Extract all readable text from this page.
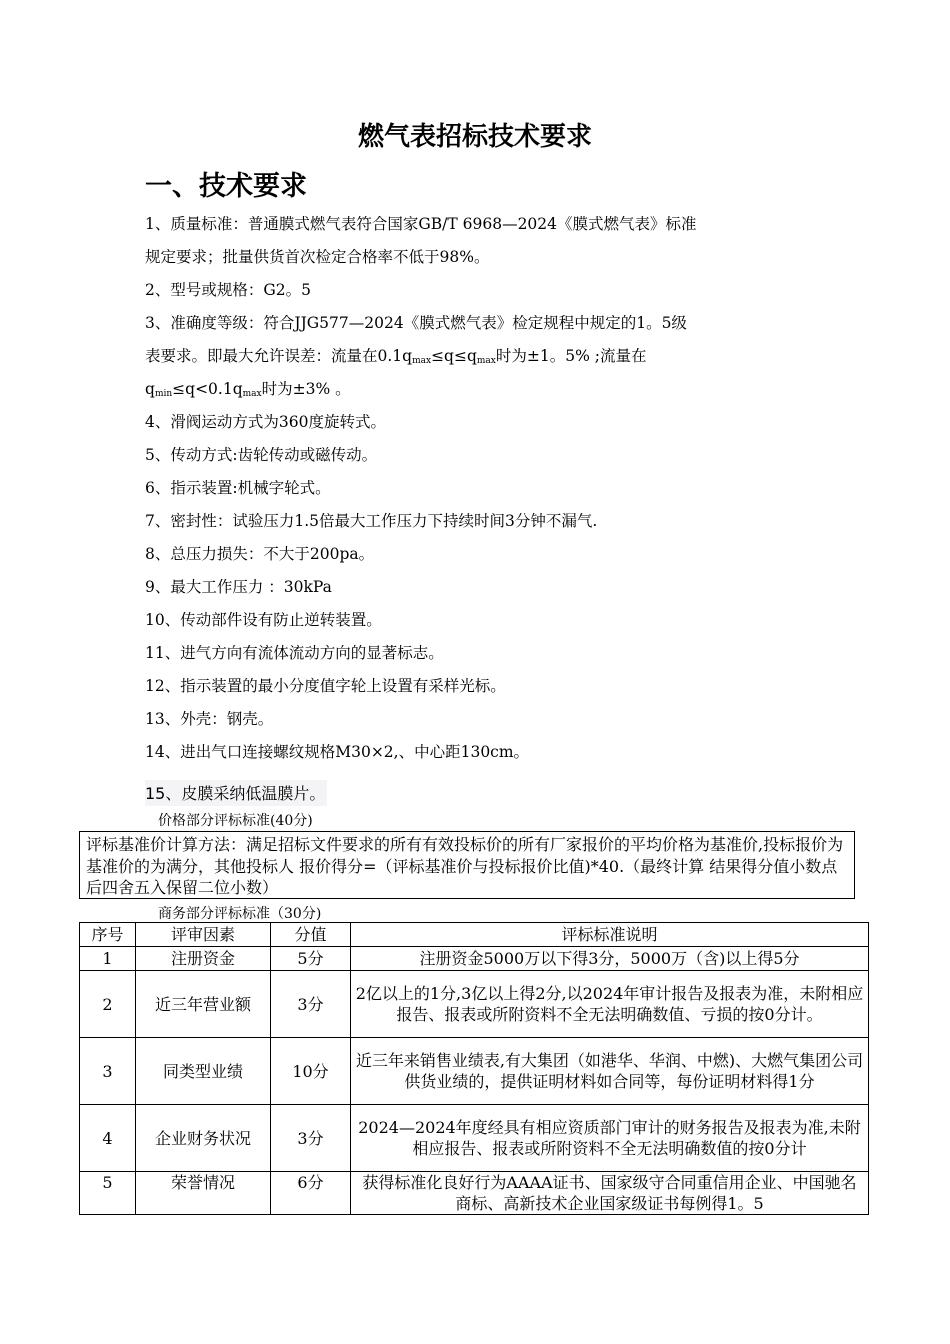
燃气表招标技术要求
一、技术要求
1、质量标准：普通膜式燃气表符合国家GB/T 6968—2024《膜式燃气表》标准
规定要求；批量供货首次检定合格率不低于98%。
2、型号或规格：G2。5
3、准确度等级：符合JJG577—2024《膜式燃气表》检定规程中规定的1。5级
表要求。即最大允许误差：流量在$0.1q_{max}\le q\le q_{max}$时为±1。5% ;流量在
$q_{min}\le q<0.1q_{max}$时为±3% 。
4、滑阀运动方式为360度旋转式。
5、传动方式:齿轮传动或磁传动。
6、指示装置:机械字轮式。
7、密封性：试验压力1.5倍最大工作压力下持续时间3分钟不漏气.
8、总压力损失：不大于200pa。
9、最大工作压力 ：30kPa
10、传动部件设有防止逆转装置。
11、进气方向有流体流动方向的显著标志。
12、指示装置的最小分度值字轮上设置有采样光标。
13、外壳：钢壳。
14、进出气口连接螺纹规格M30×2,、中心距130cm。
15、皮膜采纳低温膜片。
价格部分评标标准(40分)
评标基准价计算方法：满足招标文件要求的所有有效投标价的所有厂家报价的平均价格为基准价,投标报价为基准价的为满分，其他投标人 报价得分=（评标基准价与投标报价比值)*40.（最终计算 结果得分值小数点后四舍五入保留二位小数）
商务部分评标标准（30分)
序号	评审因素	分值	评标标准说明
1	注册资金	5分	注册资金5000万以下得3分，5000万（含)以上得5分
2	近三年营业额	3分	2亿以上的1分,3亿以上得2分,以2024年审计报告及报表为准，未附相应报告、报表或所附资料不全无法明确数值、亏损的按0分计。
3	同类型业绩	10分	近三年来销售业绩表,有大集团（如港华、华润、中燃)、大燃气集团公司供货业绩的，提供证明材料如合同等，每份证明材料得1分
4	企业财务状况	3分	2024—2024年度经具有相应资质部门审计的财务报告及报表为准,未附相应报告、报表或所附资料不全无法明确数值的按0分计
5	荣誉情况	6分	获得标准化良好行为AAAA证书、国家级守合同重信用企业、中国驰名商标、高新技术企业国家级证书每例得1。5
